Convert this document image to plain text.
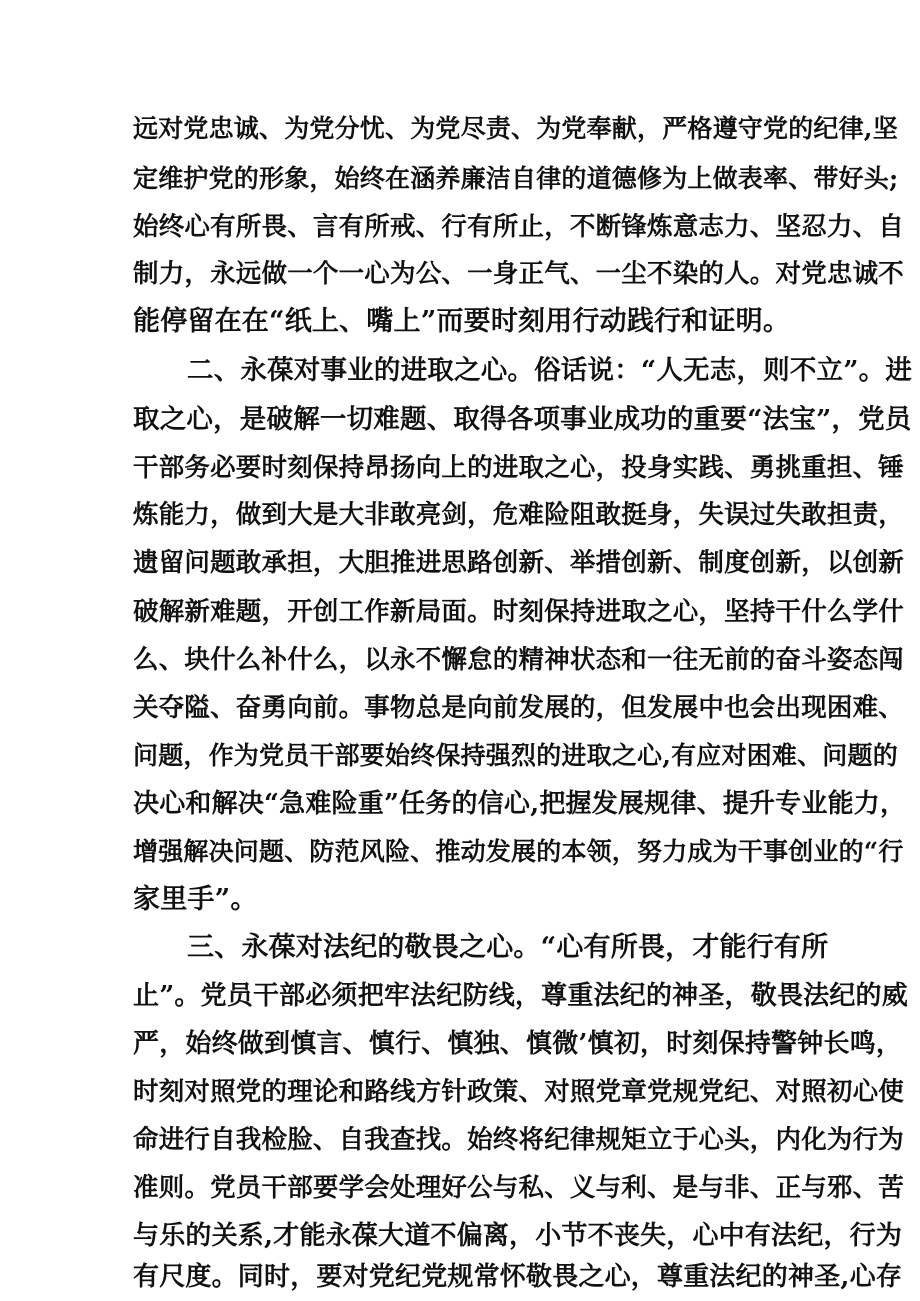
远对党忠诚、为党分忧、为党尽责、为党奉献，严格遵守党的纪律,坚
定维护党的形象，始终在涵养廉洁自律的道德修为上做表率、带好头;
始终心有所畏、言有所戒、行有所止，不断锋炼意志力、坚忍力、自
制力，永远做一个一心为公、一身正气、一尘不染的人。对党忠诚不
能停留在在“纸上、嘴上”而要时刻用行动践行和证明。
二、永葆对事业的进取之心。俗话说：“人无志，则不立”。进
取之心，是破解一切难题、取得各项事业成功的重要“法宝”，党员
干部务必要时刻保持昂扬向上的进取之心，投身实践、勇挑重担、锤
炼能力，做到大是大非敢亮剑，危难险阻敢挺身，失误过失敢担责，
遗留问题敢承担，大胆推进思路创新、举措创新、制度创新，以创新
破解新难题，开创工作新局面。时刻保持进取之心，坚持干什么学什
么、块什么补什么，以永不懈怠的精神状态和一往无前的奋斗姿态闯
关夺隘、奋勇向前。事物总是向前发展的，但发展中也会出现困难、
问题，作为党员干部要始终保持强烈的进取之心,有应对困难、问题的
决心和解决“急难险重”任务的信心,把握发展规律、提升专业能力，
增强解决问题、防范风险、推动发展的本领，努力成为干事创业的“行
家里手”。
三、永葆对法纪的敬畏之心。“心有所畏，才能行有所
止”。党员干部必须把牢法纪防线，尊重法纪的神圣，敬畏法纪的威
严，始终做到慎言、慎行、慎独、慎微’慎初，时刻保持警钟长鸣，
时刻对照党的理论和路线方针政策、对照党章党规党纪、对照初心使
命进行自我检脸、自我查找。始终将纪律规矩立于心头，内化为行为
准则。党员干部要学会处理好公与私、义与利、是与非、正与邪、苦
与乐的关系,才能永葆大道不偏离，小节不丧失，心中有法纪，行为
有尺度。同时，要对党纪党规常怀敬畏之心，尊重法纪的神圣,心存
